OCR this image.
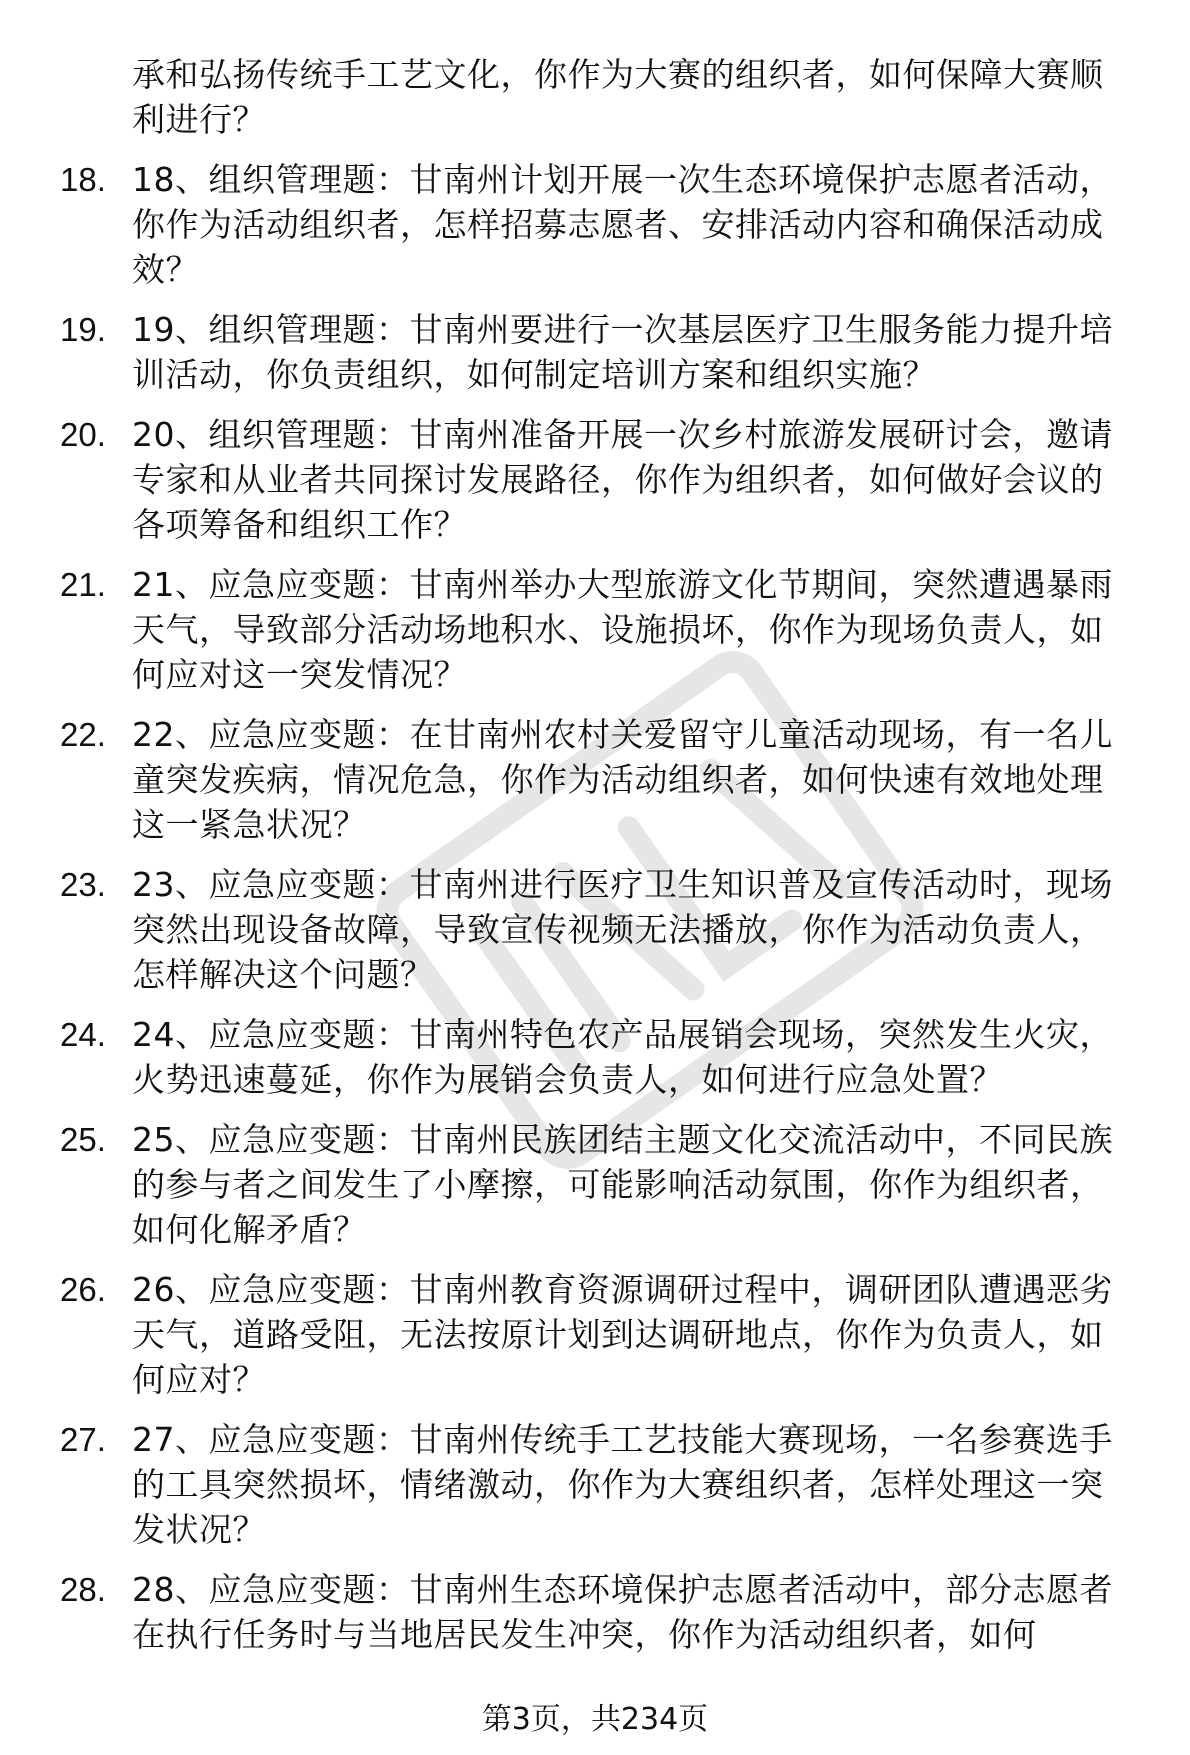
承和弘扬传统手工艺文化，你作为大赛的组织者，如何保障大赛顺利进行？
18. 18、组织管理题：甘南州计划开展一次生态环境保护志愿者活动，你作为活动组织者，怎样招募志愿者、安排活动内容和确保活动成效？
19. 19、组织管理题：甘南州要进行一次基层医疗卫生服务能力提升培训活动，你负责组织，如何制定培训方案和组织实施？
20. 20、组织管理题：甘南州准备开展一次乡村旅游发展研讨会，邀请专家和从业者共同探讨发展路径，你作为组织者，如何做好会议的各项筹备和组织工作？
21. 21、应急应变题：甘南州举办大型旅游文化节期间，突然遭遇暴雨天气，导致部分活动场地积水、设施损坏，你作为现场负责人，如何应对这一突发情况？
22. 22、应急应变题：在甘南州农村关爱留守儿童活动现场，有一名儿童突发疾病，情况危急，你作为活动组织者，如何快速有效地处理这一紧急状况？
23. 23、应急应变题：甘南州进行医疗卫生知识普及宣传活动时，现场突然出现设备故障，导致宣传视频无法播放，你作为活动负责人，怎样解决这个问题？
24. 24、应急应变题：甘南州特色农产品展销会现场，突然发生火灾，火势迅速蔓延，你作为展销会负责人，如何进行应急处置？
25. 25、应急应变题：甘南州民族团结主题文化交流活动中，不同民族的参与者之间发生了小摩擦，可能影响活动氛围，你作为组织者，如何化解矛盾？
26. 26、应急应变题：甘南州教育资源调研过程中，调研团队遭遇恶劣天气，道路受阻，无法按原计划到达调研地点，你作为负责人，如何应对？
27. 27、应急应变题：甘南州传统手工艺技能大赛现场，一名参赛选手的工具突然损坏，情绪激动，你作为大赛组织者，怎样处理这一突发状况？
28. 28、应急应变题：甘南州生态环境保护志愿者活动中，部分志愿者在执行任务时与当地居民发生冲突，你作为活动组织者，如何
第3页，共234页
